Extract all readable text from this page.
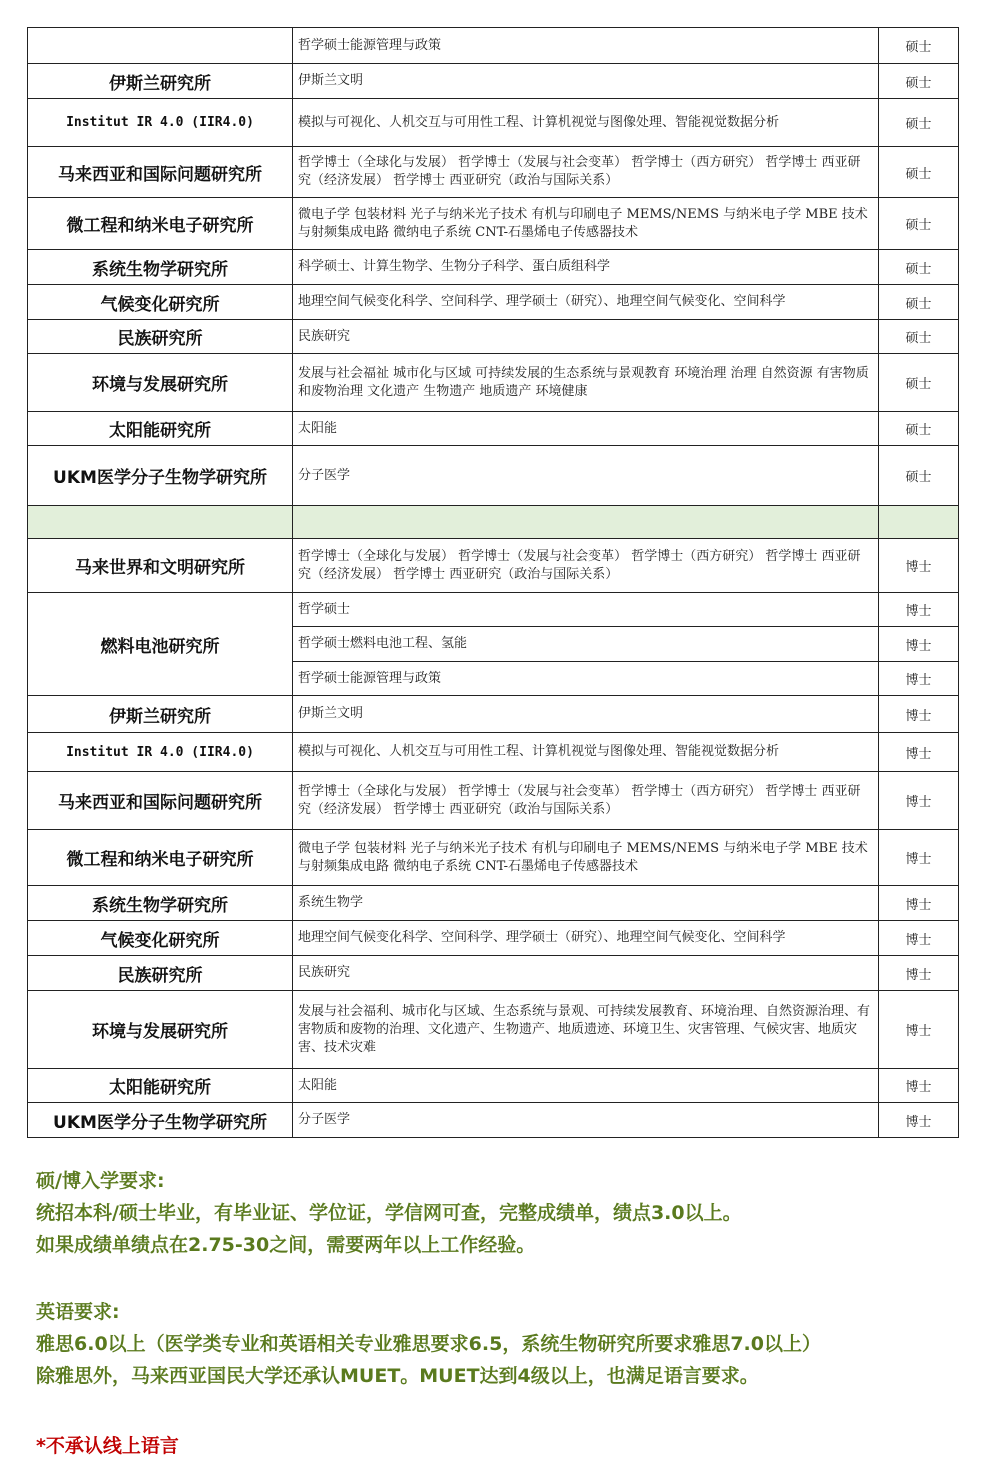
	哲学硕士能源管理与政策	硕士
伊斯兰研究所	伊斯兰文明	硕士
Institut IR 4.0 (IIR4.0)	模拟与可视化、人机交互与可用性工程、计算机视觉与图像处理、智能视觉数据分析	硕士
马来西亚和国际问题研究所	哲学博士（全球化与发展） 哲学博士（发展与社会变革） 哲学博士（西方研究） 哲学博士 西亚研究（经济发展） 哲学博士 西亚研究（政治与国际关系）	硕士
微工程和纳米电子研究所	微电子学 包装材料 光子与纳米光子技术 有机与印刷电子 MEMS/NEMS 与纳米电子学 MBE 技术与射频集成电路 微纳电子系统 CNT-石墨烯电子传感器技术	硕士
系统生物学研究所	科学硕士、计算生物学、生物分子科学、蛋白质组科学	硕士
气候变化研究所	地理空间气候变化科学、空间科学、理学硕士（研究）、地理空间气候变化、空间科学	硕士
民族研究所	民族研究	硕士
环境与发展研究所	发展与社会福祉 城市化与区域 可持续发展的生态系统与景观教育 环境治理 治理 自然资源 有害物质和废物治理 文化遗产 生物遗产 地质遗产 环境健康	硕士
太阳能研究所	太阳能	硕士
UKM医学分子生物学研究所	分子医学	硕士

马来世界和文明研究所	哲学博士（全球化与发展） 哲学博士（发展与社会变革） 哲学博士（西方研究） 哲学博士 西亚研究（经济发展） 哲学博士 西亚研究（政治与国际关系）	博士
燃料电池研究所	哲学硕士	博士
	哲学硕士燃料电池工程、氢能	博士
	哲学硕士能源管理与政策	博士
伊斯兰研究所	伊斯兰文明	博士
Institut IR 4.0 (IIR4.0)	模拟与可视化、人机交互与可用性工程、计算机视觉与图像处理、智能视觉数据分析	博士
马来西亚和国际问题研究所	哲学博士（全球化与发展） 哲学博士（发展与社会变革） 哲学博士（西方研究） 哲学博士 西亚研究（经济发展） 哲学博士 西亚研究（政治与国际关系）	博士
微工程和纳米电子研究所	微电子学 包装材料 光子与纳米光子技术 有机与印刷电子 MEMS/NEMS 与纳米电子学 MBE 技术与射频集成电路 微纳电子系统 CNT-石墨烯电子传感器技术	博士
系统生物学研究所	系统生物学	博士
气候变化研究所	地理空间气候变化科学、空间科学、理学硕士（研究）、地理空间气候变化、空间科学	博士
民族研究所	民族研究	博士
环境与发展研究所	发展与社会福利、城市化与区域、生态系统与景观、可持续发展教育、环境治理、自然资源治理、有害物质和废物的治理、文化遗产、生物遗产、地质遗迹、环境卫生、灾害管理、气候灾害、地质灾害、技术灾难	博士
太阳能研究所	太阳能	博士
UKM医学分子生物学研究所	分子医学	博士
硕/博入学要求:
统招本科/硕士毕业，有毕业证、学位证，学信网可查，完整成绩单，绩点3.0以上。
如果成绩单绩点在2.75-30之间，需要两年以上工作经验。
英语要求:
雅思6.0以上（医学类专业和英语相关专业雅思要求6.5，系统生物研究所要求雅思7.0以上）
除雅思外，马来西亚国民大学还承认MUET。MUET达到4级以上，也满足语言要求。
*不承认线上语言
